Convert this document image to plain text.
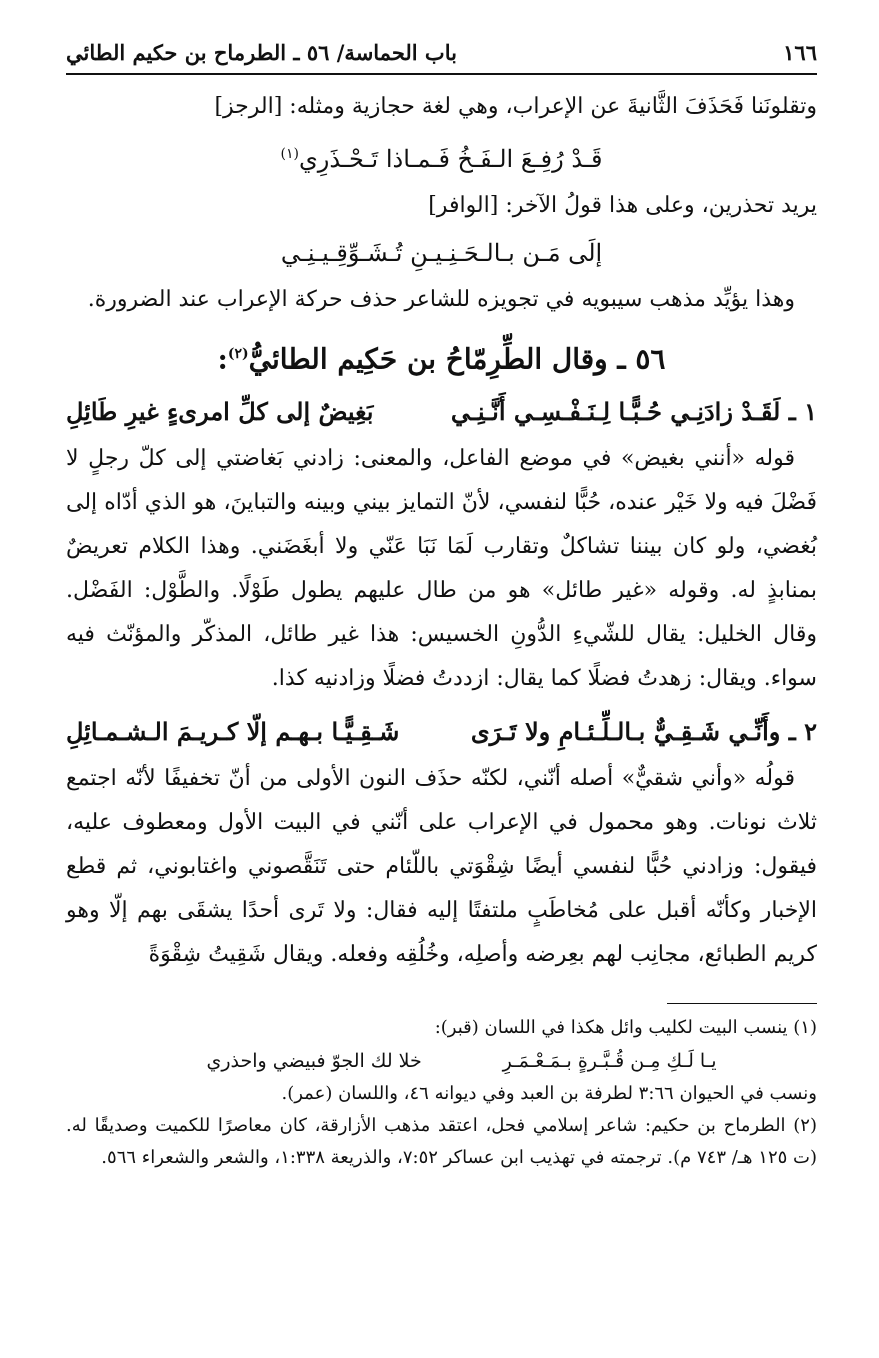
١٦٦
باب الحماسة/ ٥٦ ـ الطرماح بن حكيم الطائي

وتقلونَنا فَحَذَفَ الثَّانيةَ عن الإعراب، وهي لغة حجازية ومثله: [الرجز]

قَـدْ رُفِـعَ الـفَـخُ فَـمـاذا تَـحْـذَرِي$^{(١)}$

يريد تحذرين، وعلى هذا قولُ الآخر: [الوافر]

إلَى مَـن بـالـحَـنِـيـنِ تُـشَـوِّقِـيـنِـي

وهذا يؤيِّد مذهب سيبويه في تجويزه للشاعر حذف حركة الإعراب عند الضرورة.

٥٦ ـ وقال الطِّرِمّاحُ بن حَكِيم الطائيُّ$^{(٢)}$:
١ ـ لَقَـدْ زادَنِـي حُـبًّـا لِـنَـفْـسِـي أَنَّـنِـي
بَغِيضٌ إلى كلِّ امرىءٍ غيرِ طَائِلِ

قوله «أنني بغيض» في موضع الفاعل، والمعنى: زادني بَغاضتي إلى كلّ رجلٍ لا فَضْلَ فيه ولا خَيْر عنده، حُبًّا لنفسي، لأنّ التمايز بيني وبينه والتباينَ، هو الذي أدّاه إلى بُغضي، ولو كان بيننا تشاكلٌ وتقارب لَمَا نَبَا عَنّي ولا أبغَضَني. وهذا الكلام تعريضٌ بمنابذٍ له. وقوله «غير طائل» هو من طال عليهم يطول طَوْلًا. والطَّوْل: الفَضْل. وقال الخليل: يقال للشّيءِ الدُّونِ الخسيس: هذا غير طائل، المذكّر والمؤنّث فيه سواء. ويقال: زهدتُ فضلًا كما يقال: ازددتُ فضلًا وزادنيه كذا.

٢ ـ وأَنِّـي شَـقِـيٌّ بـالـلِّـئـامِ ولا تَـرَى
شَـقِـيًّـا بـهـم إلّا كـريـمَ الـشـمـائِلِ

قولُه «وأني شقيٌّ» أصله أنّني، لكنّه حذَف النون الأولى من أنّ تخفيفًا لأنّه اجتمع ثلاث نونات. وهو محمول في الإعراب على أنّني في البيت الأول ومعطوف عليه، فيقول: وزادني حُبًّا لنفسي أيضًا شِقْوَتي باللّئام حتى تَنَقَّصوني واغتابوني، ثم قطع الإخبار وكأنّه أقبل على مُخاطَبٍ ملتفتًا إليه فقال: ولا تَرى أحدًا يشقَى بهم إلّا وهو كريم الطبائع، مجانِب لهم بعِرضه وأصلِه، وخُلُقِه وفعله. ويقال شَقِيتُ شِقْوَةً

(١) ينسب البيت لكليب وائل هكذا في اللسان (قبر):

يـا لَـكِ مِـن قُـبَّـرةٍ بـمَـعْـمَـرِ
خلا لك الجوّ فبيضي واحذري

ونسب في الحيوان ٣:٦٦ لطرفة بن العبد وفي ديوانه ٤٦، واللسان (عمر).

(٢) الطرماح بن حكيم: شاعر إسلامي فحل، اعتقد مذهب الأزارقة، كان معاصرًا للكميت وصديقًا له. (ت ١٢٥ هـ/ ٧٤٣ م). ترجمته في تهذيب ابن عساكر ٧:٥٢، والذريعة ١:٣٣٨، والشعر والشعراء ٥٦٦.
